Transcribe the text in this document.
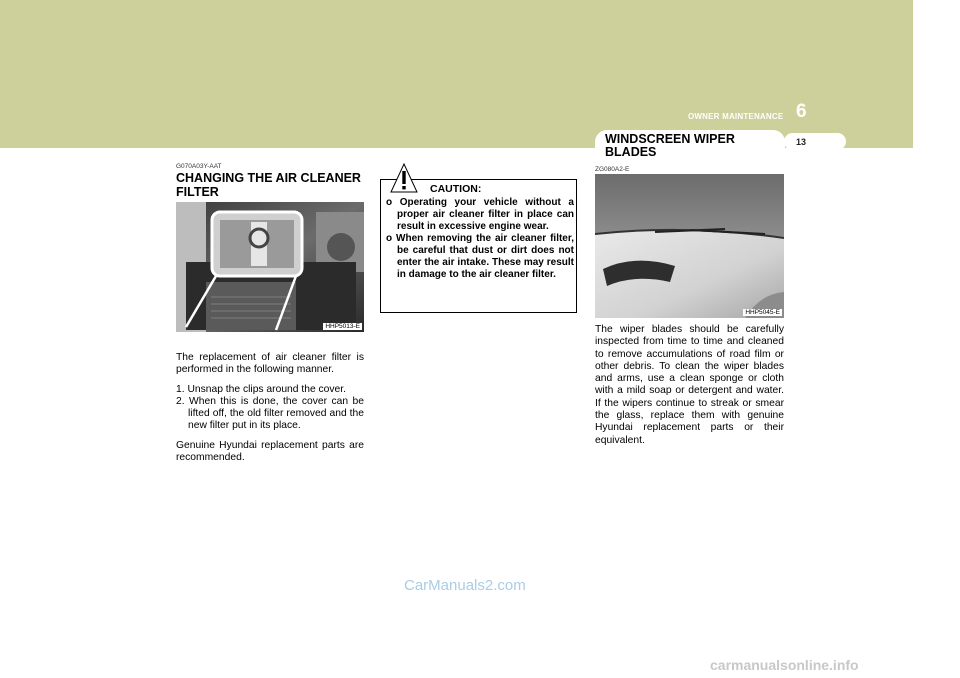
OWNER MAINTENANCE 6
13
WINDSCREEN WIPER BLADES
G070A03Y-AAT
CHANGING THE AIR CLEANER FILTER
HHP5013-E

The replacement of air cleaner filter is performed in the following manner.

1. Unsnap the clips around the cover.
2. When this is done, the cover can be lifted off, the old filter removed and the new filter put in its place.

Genuine Hyundai replacement parts are recommended.

CAUTION:
o Operating your vehicle without a proper air cleaner filter in place can result in excessive engine wear.
o When removing the air cleaner filter, be careful that dust or dirt does not enter the air intake. These may result in damage to the air cleaner filter.
ZG080A2-E
HHP5045-E

The wiper blades should be carefully inspected from time to time and cleaned to remove accumulations of road film or other debris. To clean the wiper blades and arms, use a clean sponge or cloth with a mild soap or detergent and water. If the wipers continue to streak or smear the glass, replace them with genuine Hyundai replacement parts or their equivalent.

CarManuals2.com
carmanualsonline.info
